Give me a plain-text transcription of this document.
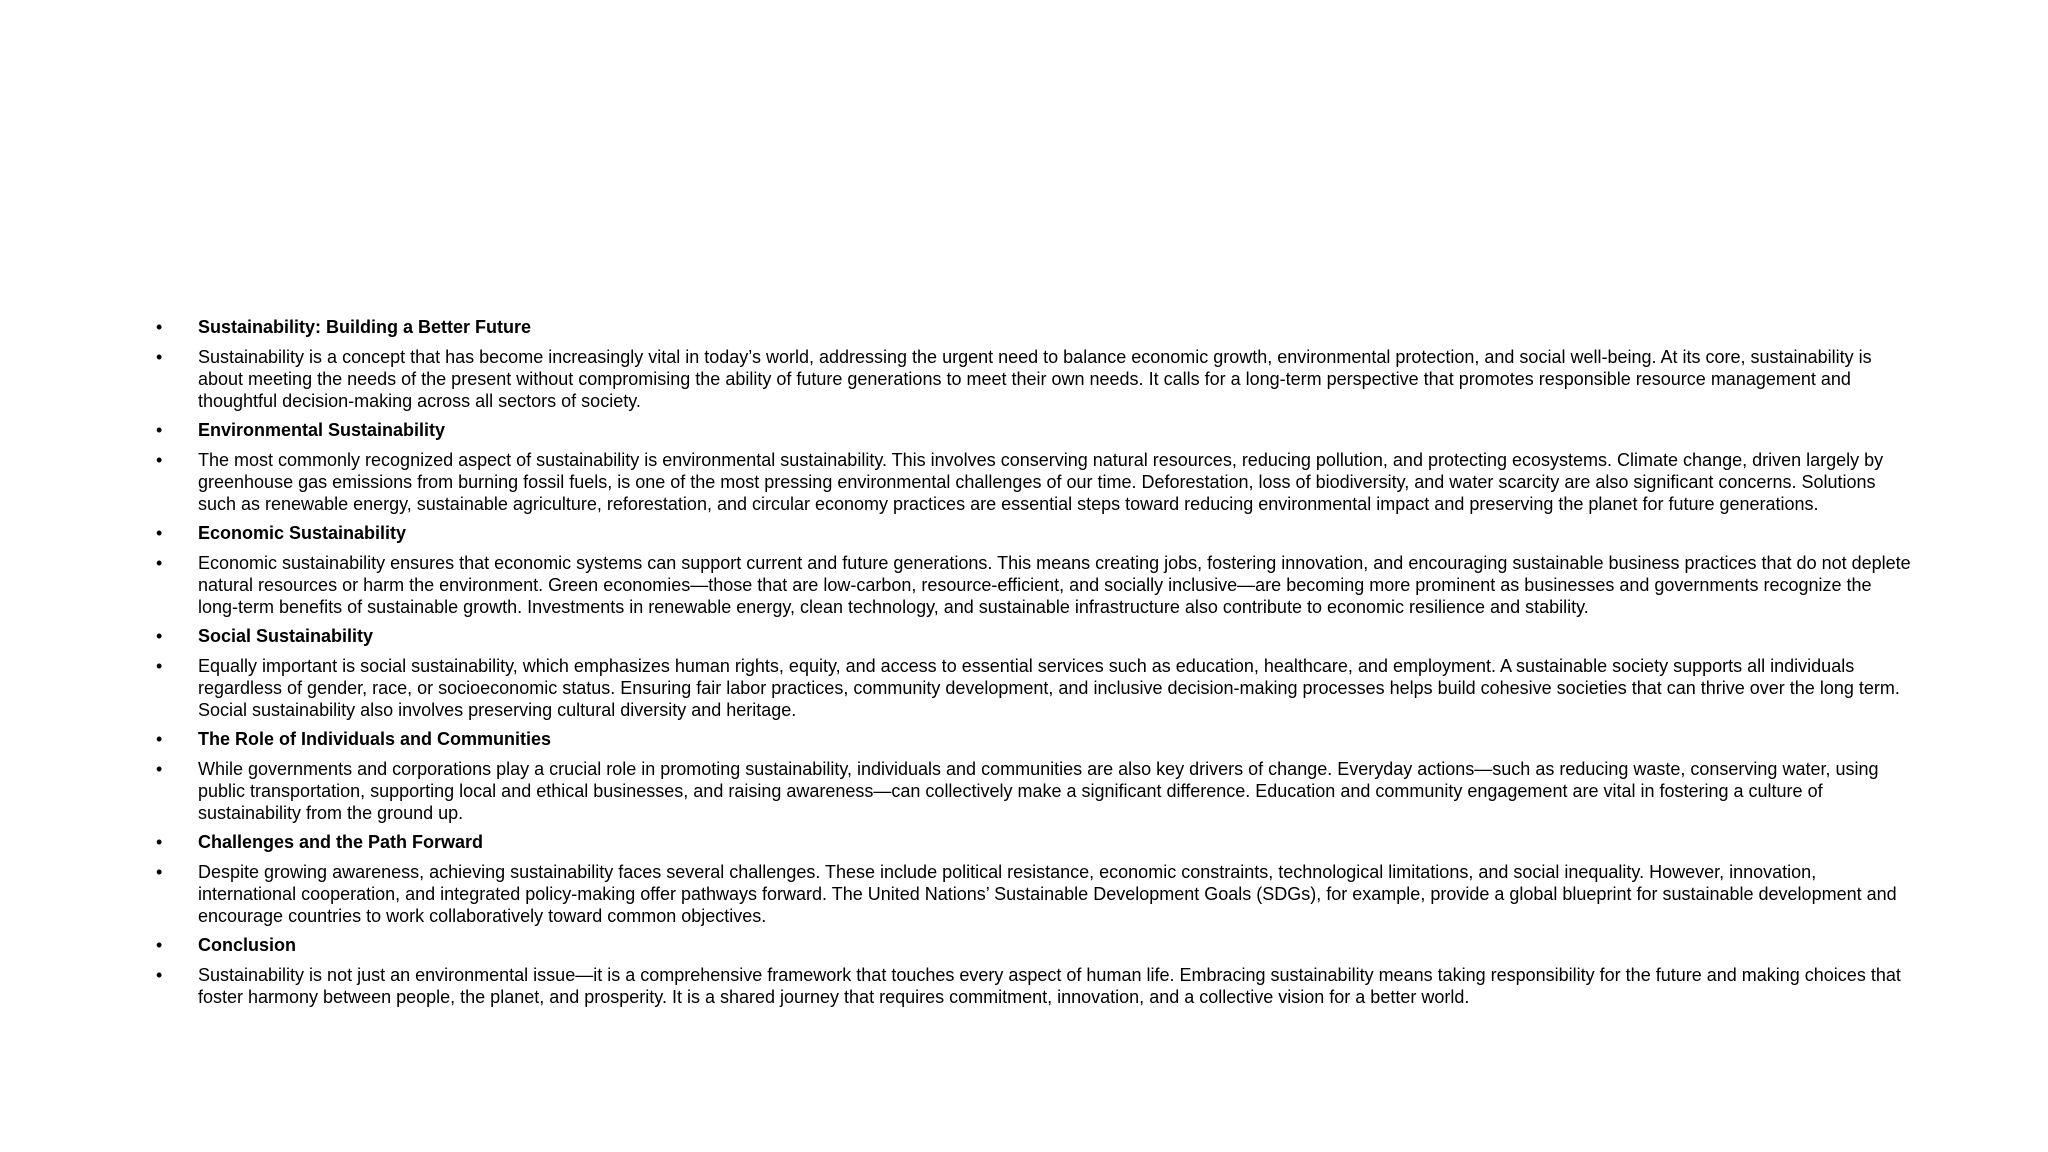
•	Sustainability: Building a Better Future
•	Sustainability is a concept that has become increasingly vital in today’s world, addressing the urgent need to balance economic growth, environmental protection, and social well-being. At its core, sustainability is about meeting the needs of the present without compromising the ability of future generations to meet their own needs. It calls for a long-term perspective that promotes responsible resource management and thoughtful decision-making across all sectors of society.
•	Environmental Sustainability
•	The most commonly recognized aspect of sustainability is environmental sustainability. This involves conserving natural resources, reducing pollution, and protecting ecosystems. Climate change, driven largely by greenhouse gas emissions from burning fossil fuels, is one of the most pressing environmental challenges of our time. Deforestation, loss of biodiversity, and water scarcity are also significant concerns. Solutions such as renewable energy, sustainable agriculture, reforestation, and circular economy practices are essential steps toward reducing environmental impact and preserving the planet for future generations.
•	Economic Sustainability
•	Economic sustainability ensures that economic systems can support current and future generations. This means creating jobs, fostering innovation, and encouraging sustainable business practices that do not deplete natural resources or harm the environment. Green economies—those that are low-carbon, resource-efficient, and socially inclusive—are becoming more prominent as businesses and governments recognize the long-term benefits of sustainable growth. Investments in renewable energy, clean technology, and sustainable infrastructure also contribute to economic resilience and stability.
•	Social Sustainability
•	Equally important is social sustainability, which emphasizes human rights, equity, and access to essential services such as education, healthcare, and employment. A sustainable society supports all individuals regardless of gender, race, or socioeconomic status. Ensuring fair labor practices, community development, and inclusive decision-making processes helps build cohesive societies that can thrive over the long term. Social sustainability also involves preserving cultural diversity and heritage.
•	The Role of Individuals and Communities
•	While governments and corporations play a crucial role in promoting sustainability, individuals and communities are also key drivers of change. Everyday actions—such as reducing waste, conserving water, using public transportation, supporting local and ethical businesses, and raising awareness—can collectively make a significant difference. Education and community engagement are vital in fostering a culture of sustainability from the ground up.
•	Challenges and the Path Forward
•	Despite growing awareness, achieving sustainability faces several challenges. These include political resistance, economic constraints, technological limitations, and social inequality. However, innovation, international cooperation, and integrated policy-making offer pathways forward. The United Nations’ Sustainable Development Goals (SDGs), for example, provide a global blueprint for sustainable development and encourage countries to work collaboratively toward common objectives.
•	Conclusion
•	Sustainability is not just an environmental issue—it is a comprehensive framework that touches every aspect of human life. Embracing sustainability means taking responsibility for the future and making choices that foster harmony between people, the planet, and prosperity. It is a shared journey that requires commitment, innovation, and a collective vision for a better world.
